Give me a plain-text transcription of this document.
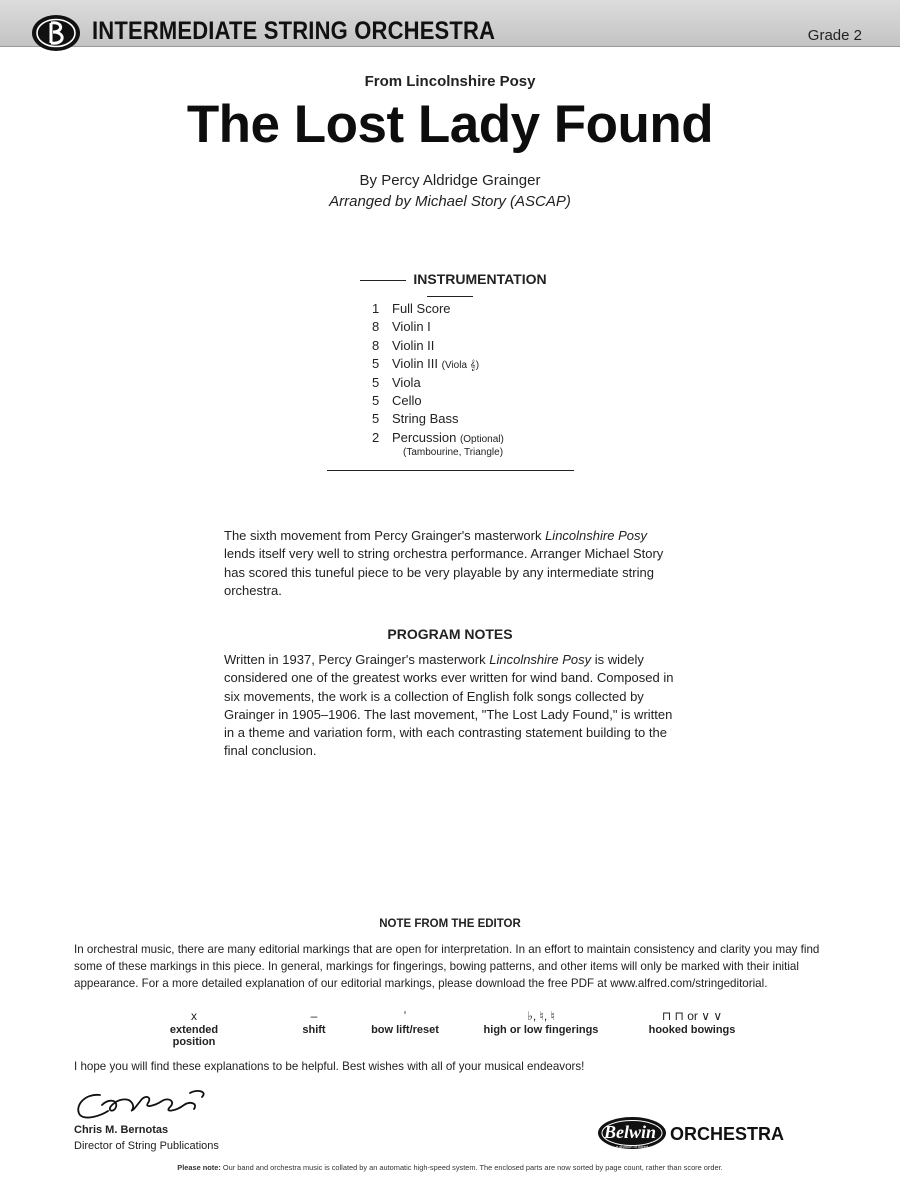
INTERMEDIATE STRING ORCHESTRA	Grade 2
From Lincolnshire Posy
The Lost Lady Found
By Percy Aldridge Grainger
Arranged by Michael Story (ASCAP)
INSTRUMENTATION
1 Full Score
8 Violin I
8 Violin II
5 Violin III (Viola 𝄞)
5 Viola
5 Cello
5 String Bass
2 Percussion (Optional)
(Tambourine, Triangle)
The sixth movement from Percy Grainger's masterwork Lincolnshire Posy lends itself very well to string orchestra performance. Arranger Michael Story has scored this tuneful piece to be very playable by any intermediate string orchestra.
PROGRAM NOTES
Written in 1937, Percy Grainger's masterwork Lincolnshire Posy is widely considered one of the greatest works ever written for wind band. Composed in six movements, the work is a collection of English folk songs collected by Grainger in 1905–1906. The last movement, "The Lost Lady Found," is written in a theme and variation form, with each contrasting statement building to the final conclusion.
NOTE FROM THE EDITOR
In orchestral music, there are many editorial markings that are open for interpretation. In an effort to maintain consistency and clarity you may find some of these markings in this piece. In general, markings for fingerings, bowing patterns, and other items will only be marked with their initial appearance. For a more detailed explanation of our editorial markings, please download the free PDF at www.alfred.com/stringeditorial.
x
extended position
–
shift
ʼ
bow lift/reset
♭, ♮, ♮
high or low fingerings
⊓ ⊓ or ∨ ∨
hooked bowings
I hope you will find these explanations to be helpful. Best wishes with all of your musical endeavors!
Chris M. Bernotas
Director of String Publications
Belwin
a division of Alfred
ORCHESTRA
Please note: Our band and orchestra music is collated by an automatic high-speed system. The enclosed parts are now sorted by page count, rather than score order.
